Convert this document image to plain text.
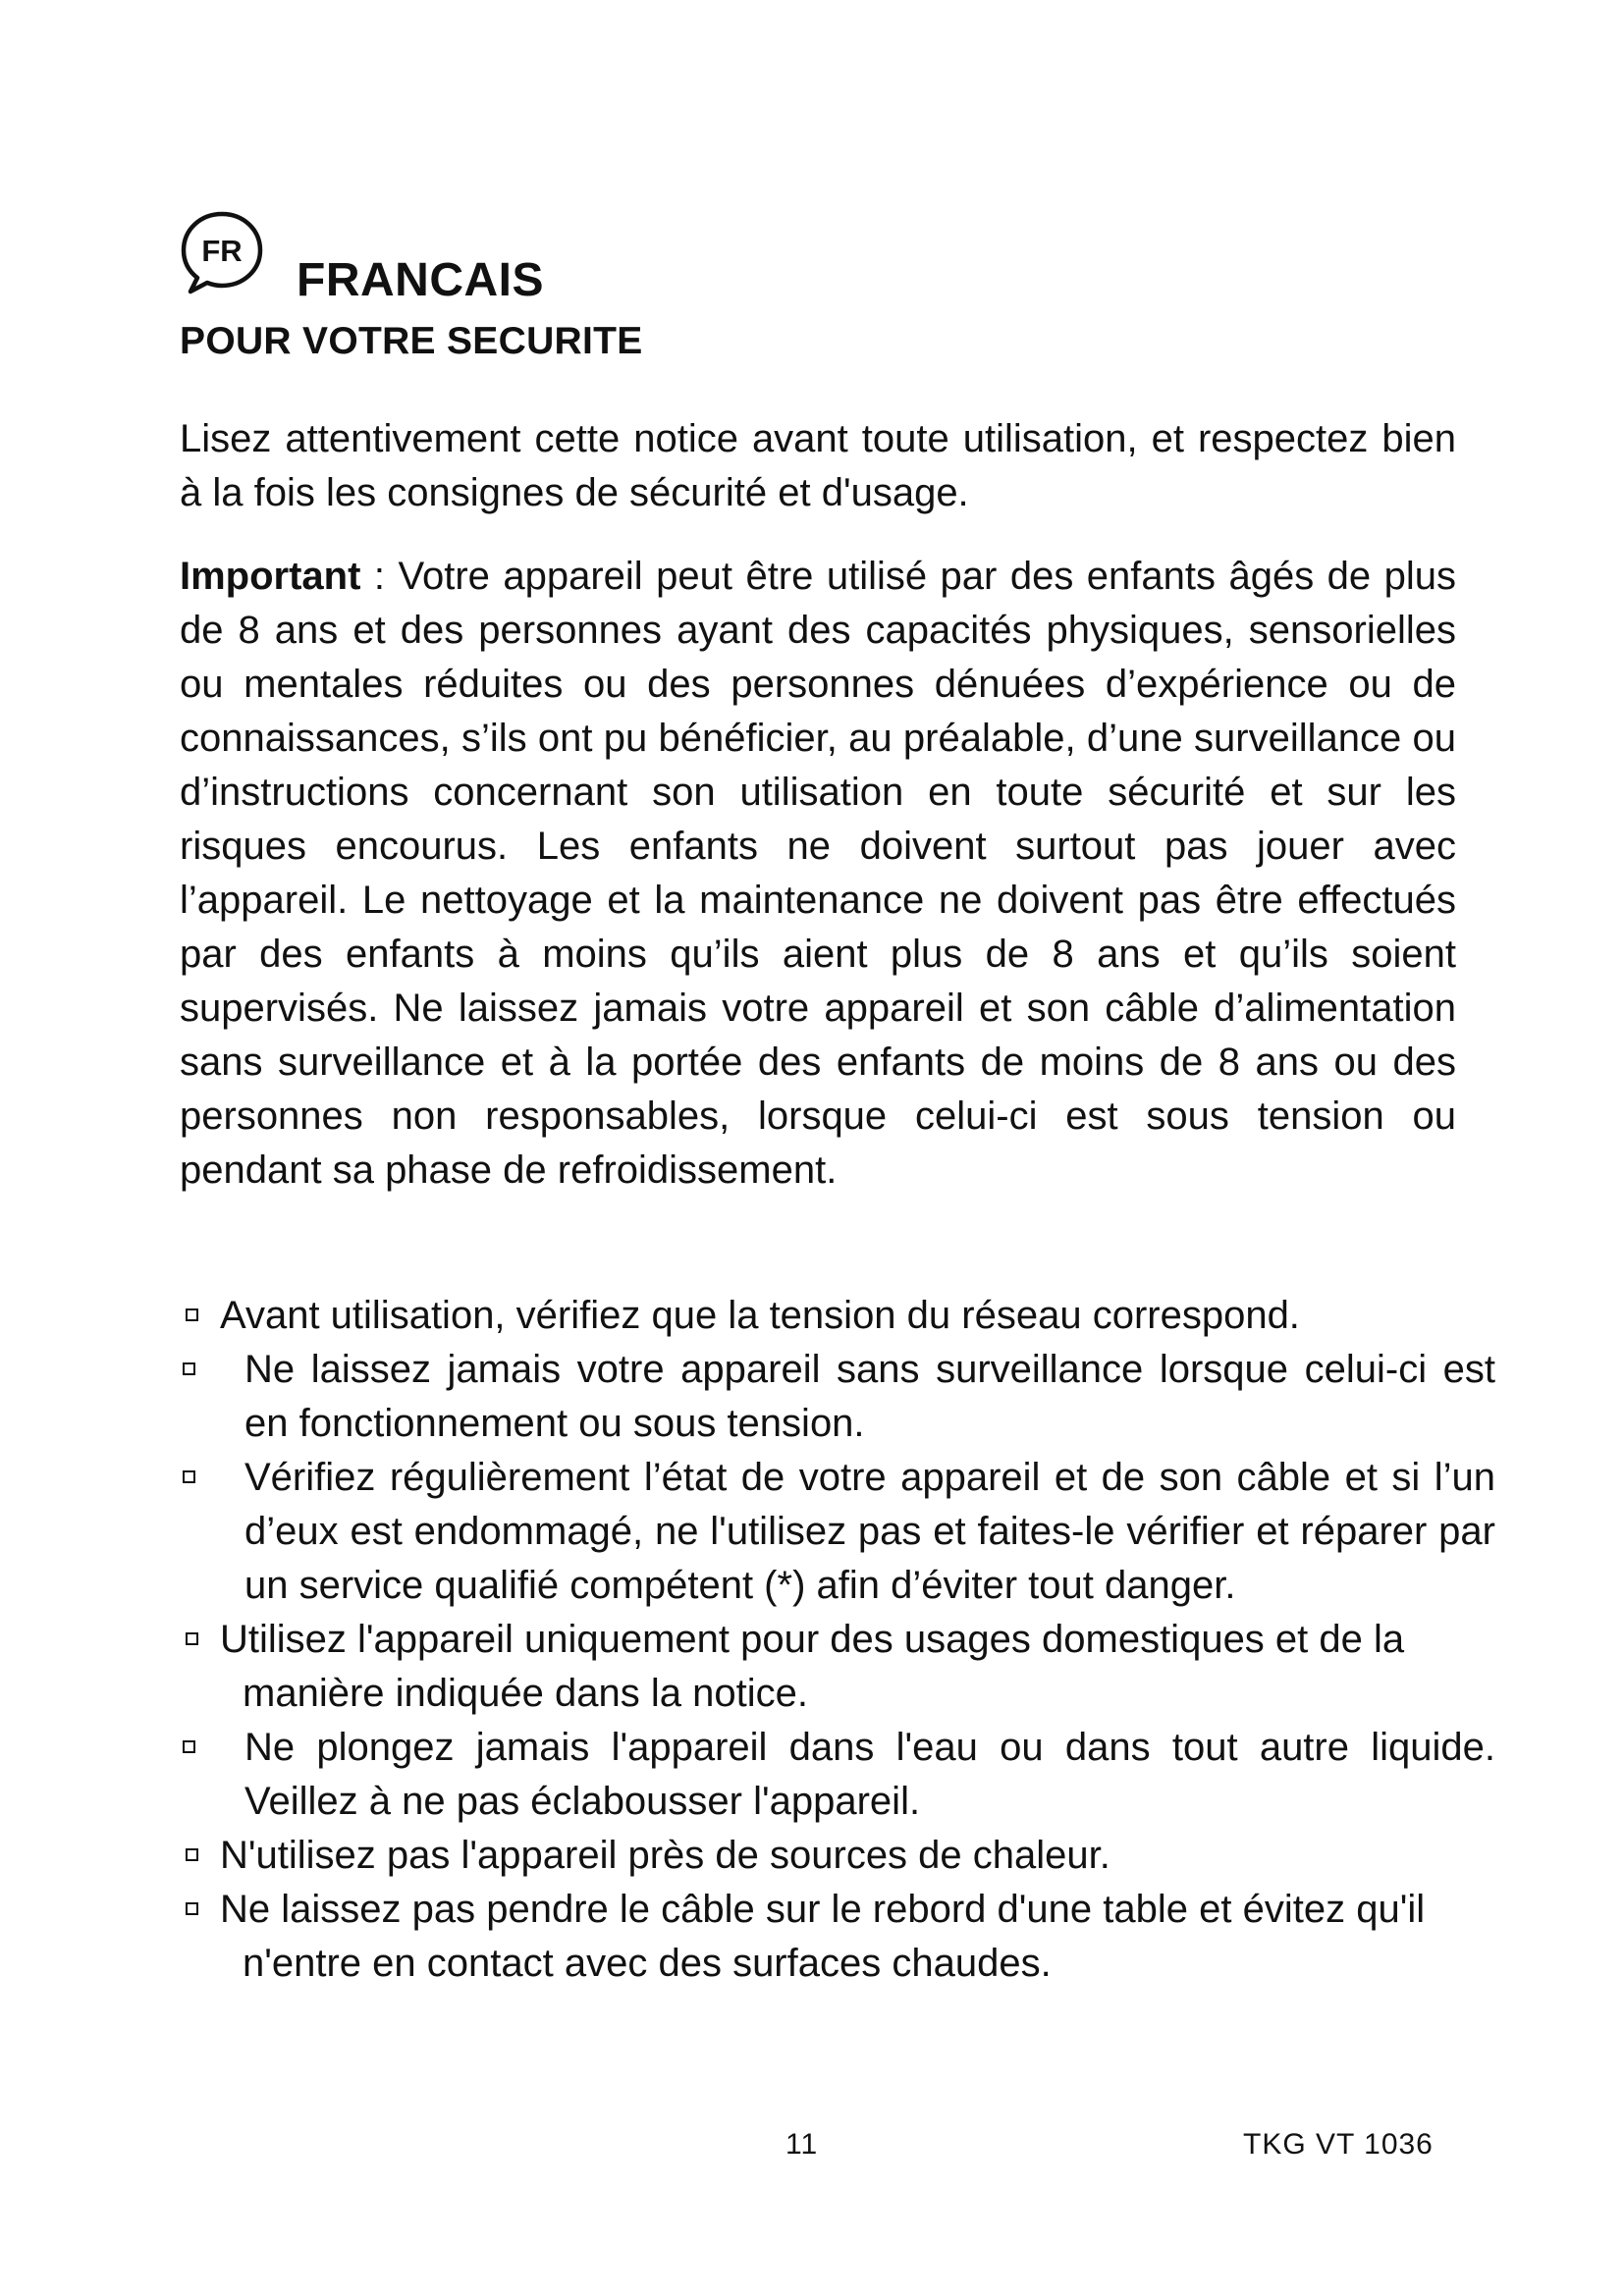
FR
FRANCAIS
POUR VOTRE SECURITE

Lisez attentivement cette notice avant toute utilisation, et respectez bien à la fois les consignes de sécurité et d'usage.

Important : Votre appareil peut être utilisé par des enfants âgés de plus de 8 ans et des personnes ayant des capacités physiques, sensorielles ou mentales réduites ou des personnes dénuées d’expérience ou de connaissances, s’ils ont pu bénéficier, au préalable, d’une surveillance ou d’instructions concernant son utilisation en toute sécurité et sur les risques encourus. Les enfants ne doivent surtout pas jouer avec l’appareil. Le nettoyage et la maintenance ne doivent pas être effectués par des enfants à moins qu’ils aient plus de 8 ans et qu’ils soient supervisés. Ne laissez jamais votre appareil et son câble d’alimentation sans surveillance et à la portée des enfants de moins de 8 ans ou des personnes non responsables, lorsque celui-ci est sous tension ou pendant sa phase de refroidissement.

Avant utilisation, vérifiez que la tension du réseau correspond.
Ne laissez jamais votre appareil sans surveillance lorsque celui-ci est en fonctionnement ou sous tension.
Vérifiez régulièrement l’état de votre appareil et de son câble et si l’un d’eux est endommagé, ne l'utilisez pas et faites-le vérifier et réparer par un service qualifié compétent (*) afin d’éviter tout danger.
Utilisez l'appareil uniquement pour des usages domestiques et de la manière indiquée dans la notice.
Ne plongez jamais l'appareil dans l'eau ou dans tout autre liquide. Veillez à ne pas éclabousser l'appareil.
N'utilisez pas l'appareil près de sources de chaleur.
Ne laissez pas pendre le câble sur le rebord d'une table et évitez qu'il n'entre en contact avec des surfaces chaudes.
11	TKG VT 1036
